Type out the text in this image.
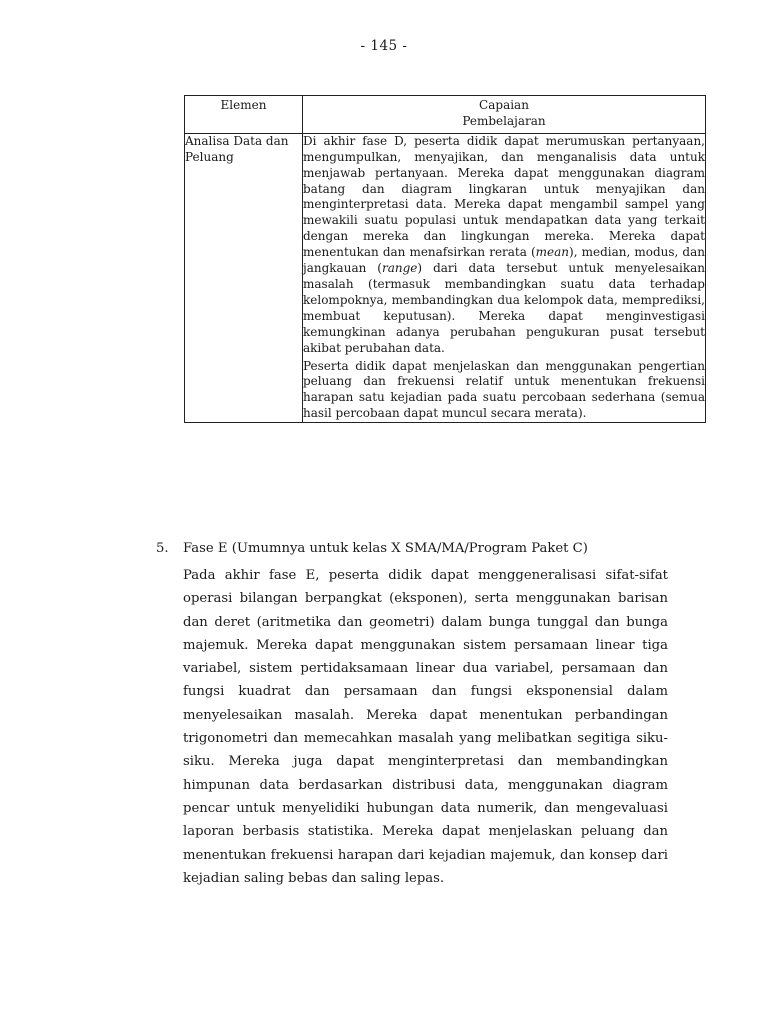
- 145 -
Elemen	Capaian
Pembelajaran
Analisa Data dan Peluang	Di akhir fase D, peserta didik dapat merumuskan pertanyaan, mengumpulkan, menyajikan, dan menganalisis data untuk menjawab pertanyaan. Mereka dapat menggunakan diagram batang dan diagram lingkaran untuk menyajikan dan menginterpretasi data. Mereka dapat mengambil sampel yang mewakili suatu populasi untuk mendapatkan data yang terkait dengan mereka dan lingkungan mereka. Mereka dapat menentukan dan menafsirkan rerata (mean), median, modus, dan jangkauan (range) dari data tersebut untuk menyelesaikan masalah (termasuk membandingkan suatu data terhadap kelompoknya, membandingkan dua kelompok data, memprediksi, membuat keputusan). Mereka dapat menginvestigasi kemungkinan adanya perubahan pengukuran pusat tersebut akibat perubahan data.

Peserta didik dapat menjelaskan dan menggunakan pengertian peluang dan frekuensi relatif untuk menentukan frekuensi harapan satu kejadian pada suatu percobaan sederhana (semua hasil percobaan dapat muncul secara merata).

5.	Fase E (Umumnya untuk kelas X SMA/MA/Program Paket C)
Pada akhir fase E, peserta didik dapat menggeneralisasi sifat-sifat operasi bilangan berpangkat (eksponen), serta menggunakan barisan dan deret (aritmetika dan geometri) dalam bunga tunggal dan bunga majemuk. Mereka dapat menggunakan sistem persamaan linear tiga variabel, sistem pertidaksamaan linear dua variabel, persamaan dan fungsi kuadrat dan persamaan dan fungsi eksponensial dalam menyelesaikan masalah. Mereka dapat menentukan perbandingan trigonometri dan memecahkan masalah yang melibatkan segitiga siku-siku. Mereka juga dapat menginterpretasi dan membandingkan himpunan data berdasarkan distribusi data, menggunakan diagram pencar untuk menyelidiki hubungan data numerik, dan mengevaluasi laporan berbasis statistika. Mereka dapat menjelaskan peluang dan menentukan frekuensi harapan dari kejadian majemuk, dan konsep dari kejadian saling bebas dan saling lepas.
